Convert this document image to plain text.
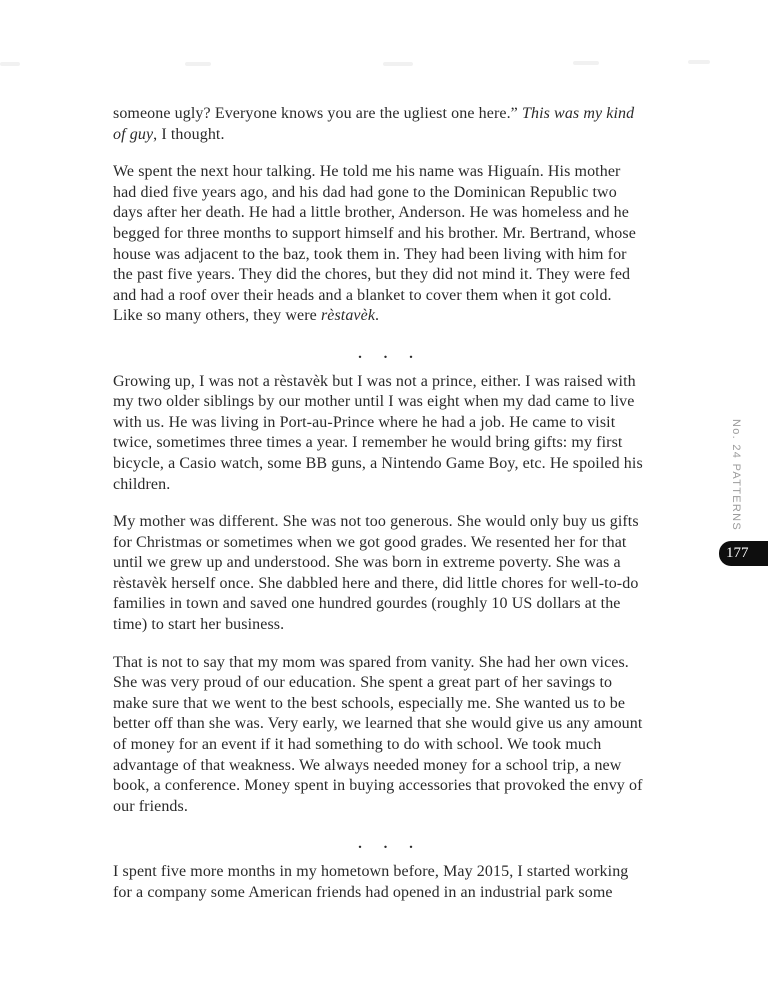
someone ugly? Everyone knows you are the ugliest one here.” This was my kind
of guy, I thought.
We spent the next hour talking. He told me his name was Higuaín. His mother
had died five years ago, and his dad had gone to the Dominican Republic two
days after her death. He had a little brother, Anderson. He was homeless and he
begged for three months to support himself and his brother. Mr. Bertrand, whose
house was adjacent to the baz, took them in. They had been living with him for
the past five years. They did the chores, but they did not mind it. They were fed
and had a roof over their heads and a blanket to cover them when it got cold.
Like so many others, they were rèstavèk.
. . .
Growing up, I was not a rèstavèk but I was not a prince, either. I was raised with
my two older siblings by our mother until I was eight when my dad came to live
with us. He was living in Port-au-Prince where he had a job. He came to visit
twice, sometimes three times a year. I remember he would bring gifts: my first
bicycle, a Casio watch, some BB guns, a Nintendo Game Boy, etc. He spoiled his
children.
My mother was different. She was not too generous. She would only buy us gifts
for Christmas or sometimes when we got good grades. We resented her for that
until we grew up and understood. She was born in extreme poverty. She was a
rèstavèk herself once. She dabbled here and there, did little chores for well-to-do
families in town and saved one hundred gourdes (roughly 10 US dollars at the
time) to start her business.
That is not to say that my mom was spared from vanity. She had her own vices.
She was very proud of our education. She spent a great part of her savings to
make sure that we went to the best schools, especially me. She wanted us to be
better off than she was. Very early, we learned that she would give us any amount
of money for an event if it had something to do with school. We took much
advantage of that weakness. We always needed money for a school trip, a new
book, a conference. Money spent in buying accessories that provoked the envy of
our friends.
. . .
I spent five more months in my hometown before, May 2015, I started working
for a company some American friends had opened in an industrial park some
No. 24 PATTERNS
177
